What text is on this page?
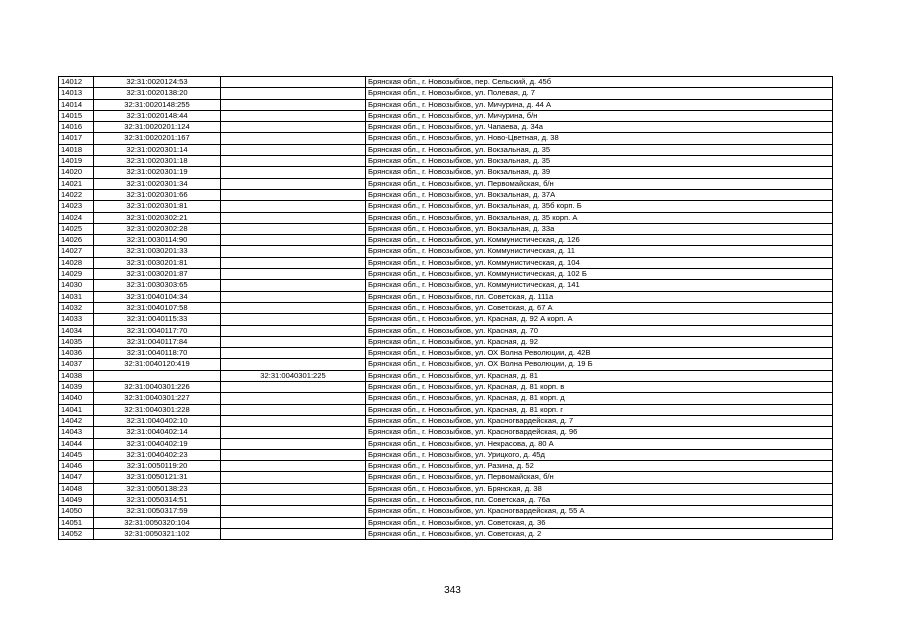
14012	32:31:0020124:53		Брянская обл., г. Новозыбков, пер. Сельский, д. 45б
14013	32:31:0020138:20		Брянская обл., г. Новозыбков, ул. Полевая, д. 7
14014	32:31:0020148:255		Брянская обл., г. Новозыбков, ул. Мичурина, д. 44 А
14015	32:31:0020148:44		Брянская обл., г. Новозыбков, ул. Мичурина, б/н
14016	32:31:0020201:124		Брянская обл., г. Новозыбков, ул. Чапаева, д. 34а
14017	32:31:0020201:167		Брянская обл., г. Новозыбков, ул. Ново-Цветная, д. 38
14018	32:31:0020301:14		Брянская обл., г. Новозыбков, ул. Вокзальная, д. 35
14019	32:31:0020301:18		Брянская обл., г. Новозыбков, ул. Вокзальная, д. 35
14020	32:31:0020301:19		Брянская обл., г. Новозыбков, ул. Вокзальная, д. 39
14021	32:31:0020301:34		Брянская обл., г. Новозыбков, ул. Первомайская, б/н
14022	32:31:0020301:66		Брянская обл., г. Новозыбков, ул. Вокзальная, д. 37А
14023	32:31:0020301:81		Брянская обл., г. Новозыбков, ул. Вокзальная, д. 35б корп. Б
14024	32:31:0020302:21		Брянская обл., г. Новозыбков, ул. Вокзальная, д. 35 корп. А
14025	32:31:0020302:28		Брянская обл., г. Новозыбков, ул. Вокзальная, д. 33а
14026	32:31:0030114:90		Брянская обл., г. Новозыбков, ул. Коммунистическая, д. 126
14027	32:31:0030201:33		Брянская обл., г. Новозыбков, ул. Коммунистическая, д. 11
14028	32:31:0030201:81		Брянская обл., г. Новозыбков, ул. Коммунистическая, д. 104
14029	32:31:0030201:87		Брянская обл., г. Новозыбков, ул. Коммунистическая, д. 102 Б
14030	32:31:0030303:65		Брянская обл., г. Новозыбков, ул. Коммунистическая, д. 141
14031	32:31:0040104:34		Брянская обл., г. Новозыбков, пл. Советская, д. 111а
14032	32:31:0040107:58		Брянская обл., г. Новозыбков, ул. Советская, д. 67 А
14033	32:31:0040115:33		Брянская обл., г. Новозыбков, ул. Красная, д. 92 А корп. А
14034	32:31:0040117:70		Брянская обл., г. Новозыбков, ул. Красная, д. 70
14035	32:31:0040117:84		Брянская обл., г. Новозыбков, ул. Красная, д. 92
14036	32:31:0040118:70		Брянская обл., г. Новозыбков, ул. ОХ Волна Революции, д. 42В
14037	32:31:0040120:419		Брянская обл., г. Новозыбков, ул. ОХ Волна Революции, д. 19 Б
14038		32:31:0040301:225	Брянская обл., г. Новозыбков, ул. Красная, д. 81
14039	32:31:0040301:226		Брянская обл., г. Новозыбков, ул. Красная, д. 81 корп. в
14040	32:31:0040301:227		Брянская обл., г. Новозыбков, ул. Красная, д. 81 корп. д
14041	32:31:0040301:228		Брянская обл., г. Новозыбков, ул. Красная, д. 81 корп. г
14042	32:31:0040402:10		Брянская обл., г. Новозыбков, ул. Красногвардейская, д. 7
14043	32:31:0040402:14		Брянская обл., г. Новозыбков, ул. Красногвардейская, д. 96
14044	32:31:0040402:19		Брянская обл., г. Новозыбков, ул. Некрасова, д. 80 А
14045	32:31:0040402:23		Брянская обл., г. Новозыбков, ул. Урицкого, д. 45д
14046	32:31:0050119:20		Брянская обл., г. Новозыбков, ул. Разина, д. 52
14047	32:31:0050121:31		Брянская обл., г. Новозыбков, ул. Первомайская, б/н
14048	32:31:0050138:23		Брянская обл., г. Новозыбков, ул. Брянская, д. 38
14049	32:31:0050314:51		Брянская обл., г. Новозыбков, пл. Советская, д. 76а
14050	32:31:0050317:59		Брянская обл., г. Новозыбков, ул. Красногвардейская, д. 55 А
14051	32:31:0050320:104		Брянская обл., г. Новозыбков, ул. Советская, д. 36
14052	32:31:0050321:102		Брянская обл., г. Новозыбков, ул. Советская, д. 2
343
